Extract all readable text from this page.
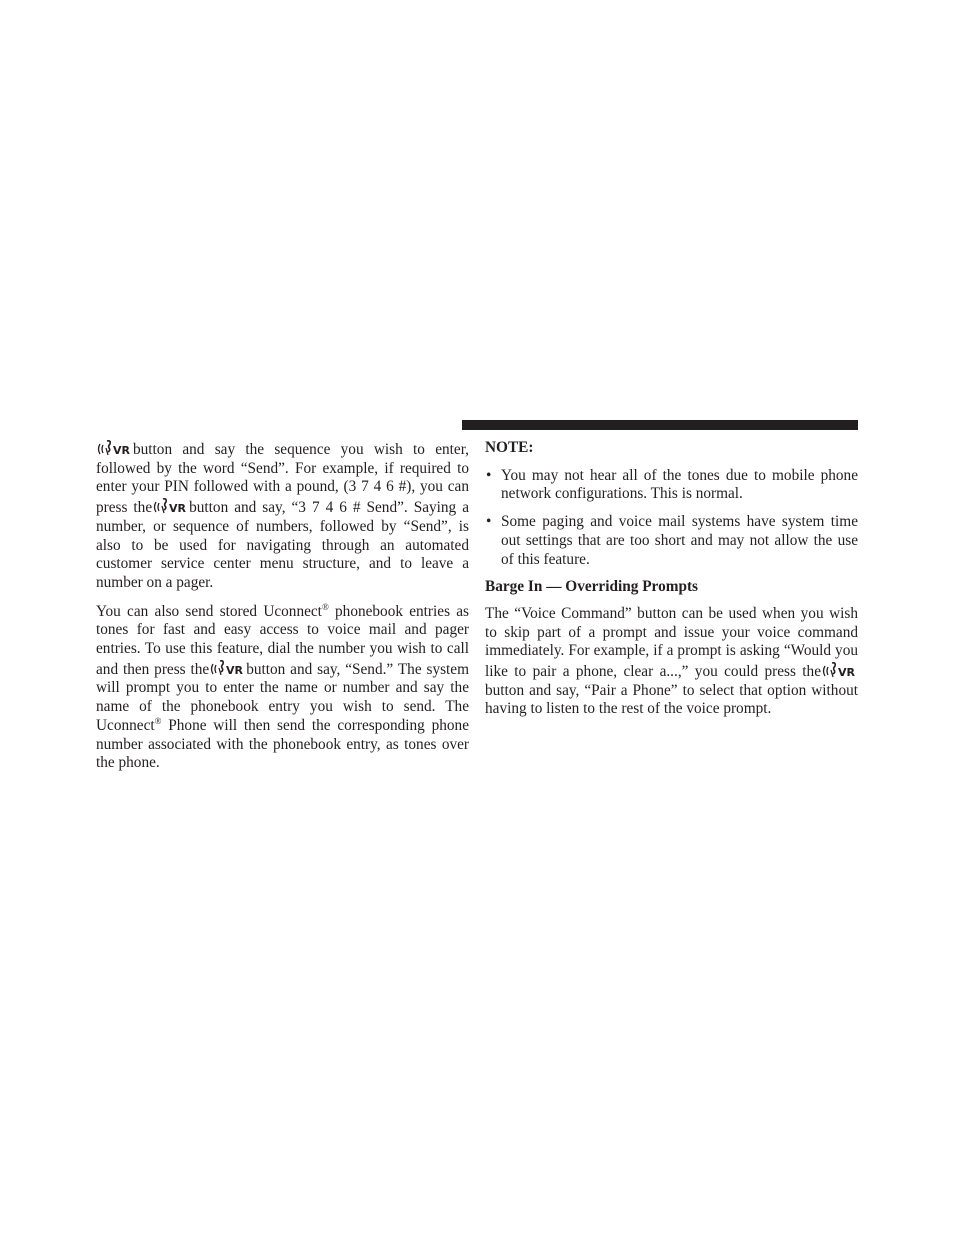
VR button and say the sequence you wish to enter, followed by the word “Send”. For example, if required to enter your PIN followed with a pound, (3 7 4 6 #), you can press the VR button and say, “3 7 4 6 # Send”. Saying a number, or sequence of numbers, followed by “Send”, is also to be used for navigating through an automated customer service center menu structure, and to leave a number on a pager.

You can also send stored Uconnect® phonebook entries as tones for fast and easy access to voice mail and pager entries. To use this feature, dial the number you wish to call and then press the VR button and say, “Send.” The system will prompt you to enter the name or number and say the name of the phonebook entry you wish to send. The Uconnect® Phone will then send the corresponding phone number associated with the phonebook entry, as tones over the phone.

NOTE:
• You may not hear all of the tones due to mobile phone network configurations. This is normal.
• Some paging and voice mail systems have system time out settings that are too short and may not allow the use of this feature.
Barge In — Overriding Prompts

The “Voice Command” button can be used when you wish to skip part of a prompt and issue your voice command immediately. For example, if a prompt is asking “Would you like to pair a phone, clear a...,” you could press the VR
button and say, “Pair a Phone” to select that option without having to listen to the rest of the voice prompt.
